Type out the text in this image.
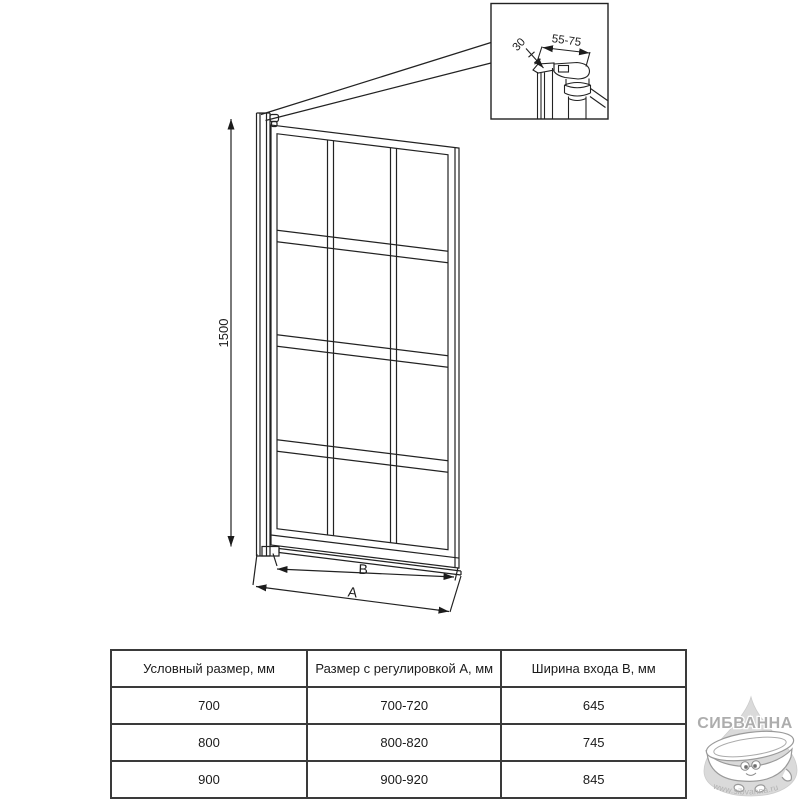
1500
B
A
55-75
30
Условный размер, мм	Размер с регулировкой А, мм	Ширина входа В, мм
700	700-720	645
800	800-820	745
900	900-920	845
СИБВАННА
www.sibvanna.ru
